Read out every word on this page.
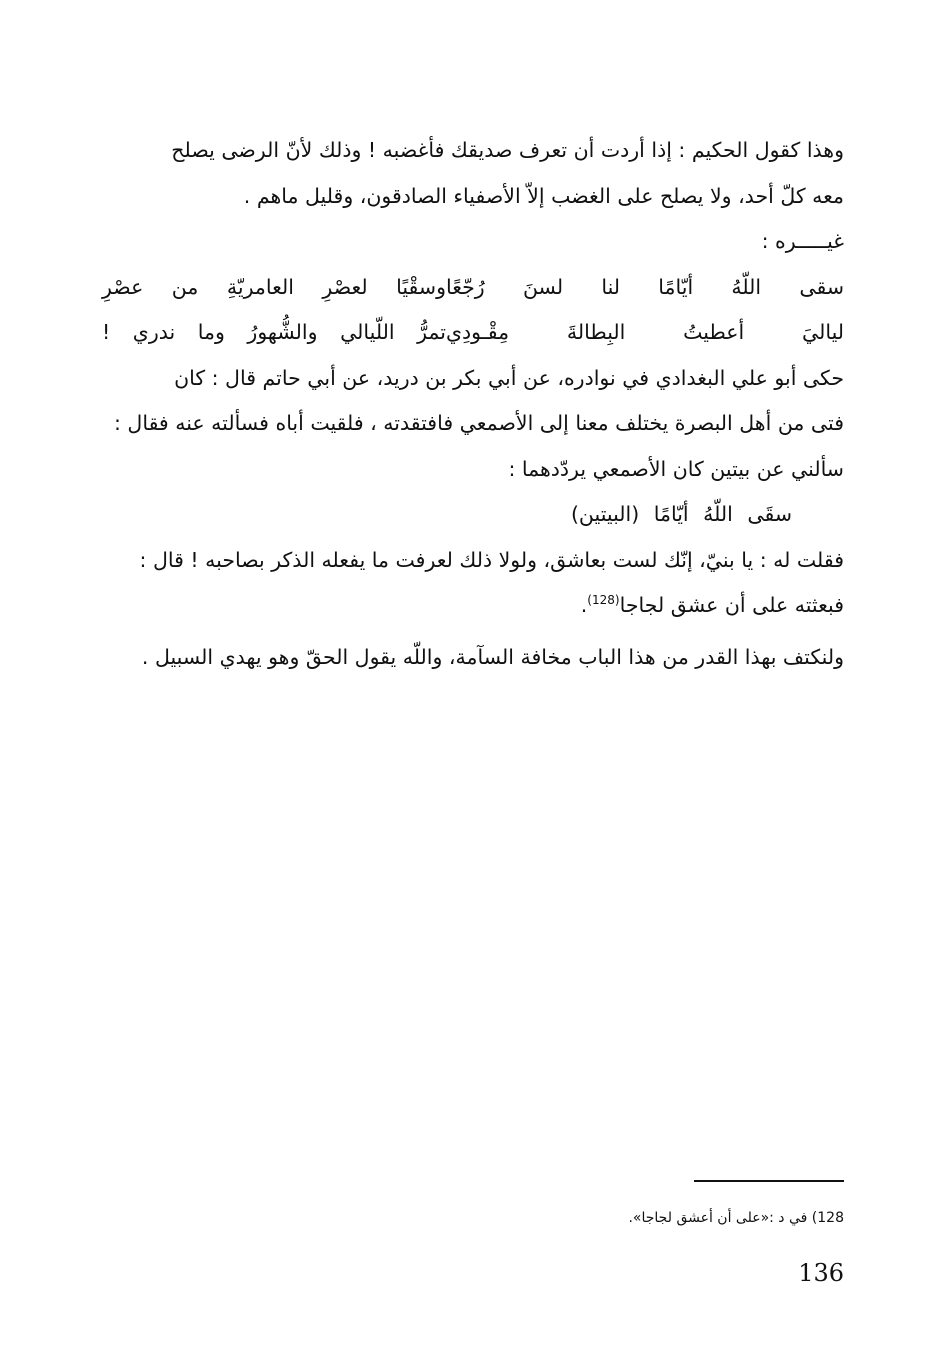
وهذا كقول الحكيم : إذا أردت أن تعرف صديقك فأغضبه ! وذلك لأنّ الرضى يصلح

معه كلّ أحد، ولا يصلح على الغضب إلاّ الأصفياء الصادقون، وقليل ماهم .

غيـــــره :

سقى اللّهُ أيّامًا لنا لسنَ رُجّعًا
وسقْيًا لعصْرِ العامريّةِ من عصْرِ
لياليَ أعطيتُ البِطالةَ مِقْـودِي
تمرُّ اللّيالي والشُّهورُ وما ندري !

حكى أبو علي البغدادي في نوادره، عن أبي بكر بن دريد، عن أبي حاتم قال : كان

فتى من أهل البصرة يختلف معنا إلى الأصمعي فافتقدته ، فلقيت أباه فسألته عنه فقال :

سألني عن بيتين كان الأصمعي يردّدهما :

سقَى اللّهُ أيّامًا (البيتين)

فقلت له : يا بنيّ، إنّك لست بعاشق، ولولا ذلك لعرفت ما يفعله الذكر بصاحبه ! قال :

فبعثته على أن عشق لجاجا$^{(128)}$.

ولنكتف بهذا القدر من هذا الباب مخافة السآمة، واللّه يقول الحقّ وهو يهدي السبيل .

128) في د :«على أن أعشق لجاجا».
136
